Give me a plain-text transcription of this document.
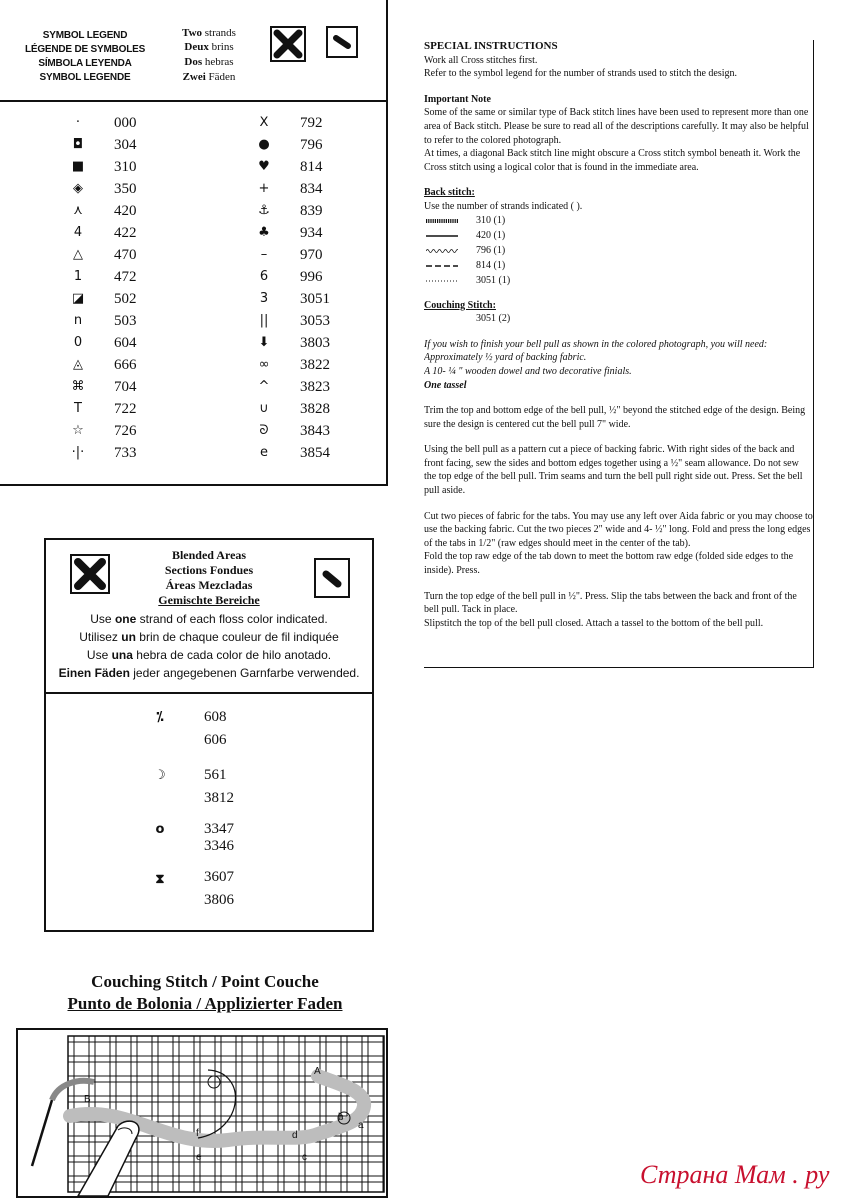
SYMBOL LEGEND
LÉGENDE DE SYMBOLES
SÍMBOLA LEYENDA
SYMBOL LEGENDE
Two strands
Deux brins
Dos hebras
Zwei Fäden
·	000
◘	304
■	310
◈	350
⋏	420
4	422
△	470
1	472
◪	502
n	503
0	604
◬	666
⌘	704
T	722
☆	726
·|·	733
ⵝ	792
●	796
♥	814
+	834
⚓	839
♣	934
–	970
6	996
3	3051
||	3053
⬇	3803
∞	3822
^	3823
∪	3828
ᘐ	3843
e	3854

SPECIAL INSTRUCTIONS

Work all Cross stitches first.

Refer to the symbol legend for the number of strands used to stitch the design.

Important Note

Some of the same or similar type of Back stitch lines have been used to represent more than one area of Back stitch. Please be sure to read all of the descriptions carefully. It may also be helpful to refer to the colored photograph.

At times, a diagonal Back stitch line might obscure a Cross stitch symbol beneath it. Work the Cross stitch using a logical color that is found in the immediate area.

Back stitch:

Use the number of strands indicated ( ).

310 (1)
420 (1)
796 (1)
814 (1)
3051 (1)

Couching Stitch:

3051 (2)

If you wish to finish your bell pull as shown in the colored photograph, you will need:

Approximately ½ yard of backing fabric.

A 10- ¼ " wooden dowel and two decorative finials.

One tassel

Trim the top and bottom edge of the bell pull, ½" beyond the stitched edge of the design. Being sure the design is centered cut the bell pull 7" wide.

Using the bell pull as a pattern cut a piece of backing fabric. With right sides of the back and front facing, sew the sides and bottom edges together using a ½" seam allowance. Do not sew the top edge of the bell pull. Trim seams and turn the bell pull right side out. Press. Set the bell pull aside.

Cut two pieces of fabric for the tabs. You may use any left over Aida fabric or you may choose to use the backing fabric. Cut the two pieces 2" wide and 4- ½" long. Fold and press the long edges of the tabs in 1/2" (raw edges should meet in the center of the tab).

Fold the top raw edge of the tab down to meet the bottom raw edge (folded side edges to the inside). Press.

Turn the top edge of the bell pull in ½". Press. Slip the tabs between the back and front of the bell pull. Tack in place.

Slipstitch the top of the bell pull closed. Attach a tassel to the bottom of the bell pull.

Blended Areas
Sections Fondues
Áreas Mezcladas
Gemischte Bereiche
Use one strand of each floss color indicated.
Utilisez un brin de chaque couleur de fil indiquée
Use una hebra de cada color de hilo anotado.
Einen Fäden jeder angegebenen Garnfarbe verwended.
⁒	608
606
☽	561
3812
o	3347
3346
⧗	3607
3806
Couching Stitch / Point Couche
Punto de Bolonia / Applizierter Faden
A
B
a
b
c
d
e
f
Страна Мам . ру
